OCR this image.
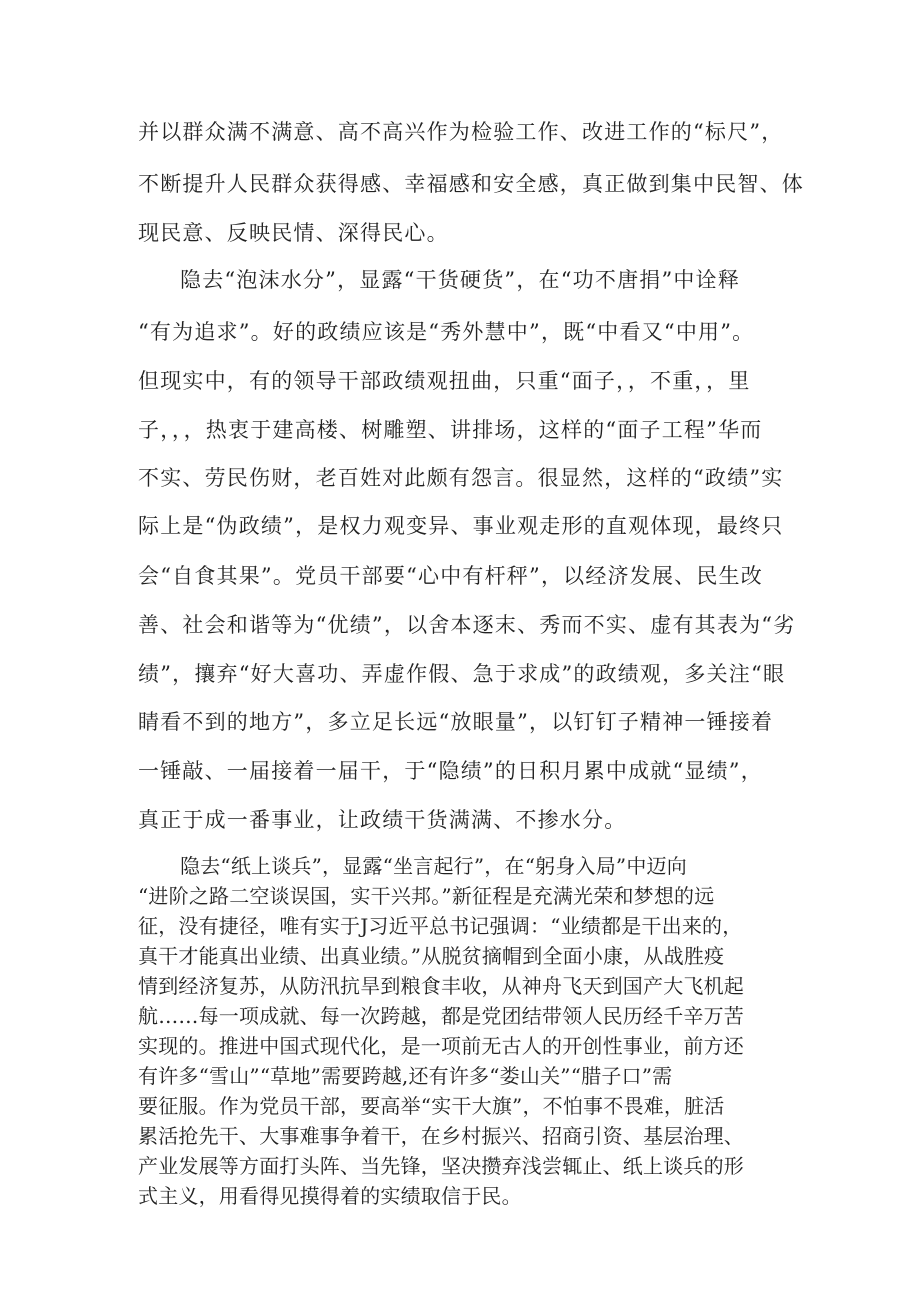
并以群众满不满意、高不高兴作为检验工作、改进工作的“标尺”，

不断提升人民群众获得感、幸福感和安全感，真正做到集中民智、体

现民意、反映民情、深得民心。

隐去“泡沫水分”，显露“干货硬货”，在“功不唐捐”中诠释

“有为追求”。好的政绩应该是“秀外慧中”，既“中看又“中用”。

但现实中，有的领导干部政绩观扭曲，只重“面子，，不重，，里

子，，，热衷于建高楼、树雕塑、讲排场，这样的“面子工程”华而

不实、劳民伤财，老百姓对此颇有怨言。很显然，这样的“政绩”实

际上是“伪政绩”，是权力观变异、事业观走形的直观体现，最终只

会“自食其果”。党员干部要“心中有杆秤”，以经济发展、民生改

善、社会和谐等为“优绩”，以舍本逐末、秀而不实、虚有其表为“劣

绩”，攘弃“好大喜功、弄虚作假、急于求成”的政绩观，多关注“眼

睛看不到的地方”，多立足长远“放眼量”，以钉钉子精神一锤接着

一锤敲、一届接着一届干，于“隐绩”的日积月累中成就“显绩”，

真正于成一番事业，让政绩干货满满、不掺水分。

隐去“纸上谈兵”，显露“坐言起行”，在“躬身入局”中迈向

“进阶之路二空谈误国，实干兴邦。”新征程是充满光荣和梦想的远

征，没有捷径，唯有实于J习近平总书记强调：“业绩都是干出来的，

真干才能真出业绩、出真业绩。”从脱贫摘帽到全面小康，从战胜疫

情到经济复苏，从防汛抗旱到粮食丰收，从神舟飞天到国产大飞机起

航……每一项成就、每一次跨越，都是党团结带领人民历经千辛万苦

实现的。推进中国式现代化，是一项前无古人的开创性事业，前方还

有许多“雪山”“草地”需要跨越,还有许多“娄山关”“腊子口”需

要征服。作为党员干部，要高举“实干大旗”，不怕事不畏难，脏活

累活抢先干、大事难事争着干，在乡村振兴、招商引资、基层治理、

产业发展等方面打头阵、当先锋，坚决攒弃浅尝辄止、纸上谈兵的形

式主义，用看得见摸得着的实绩取信于民。
